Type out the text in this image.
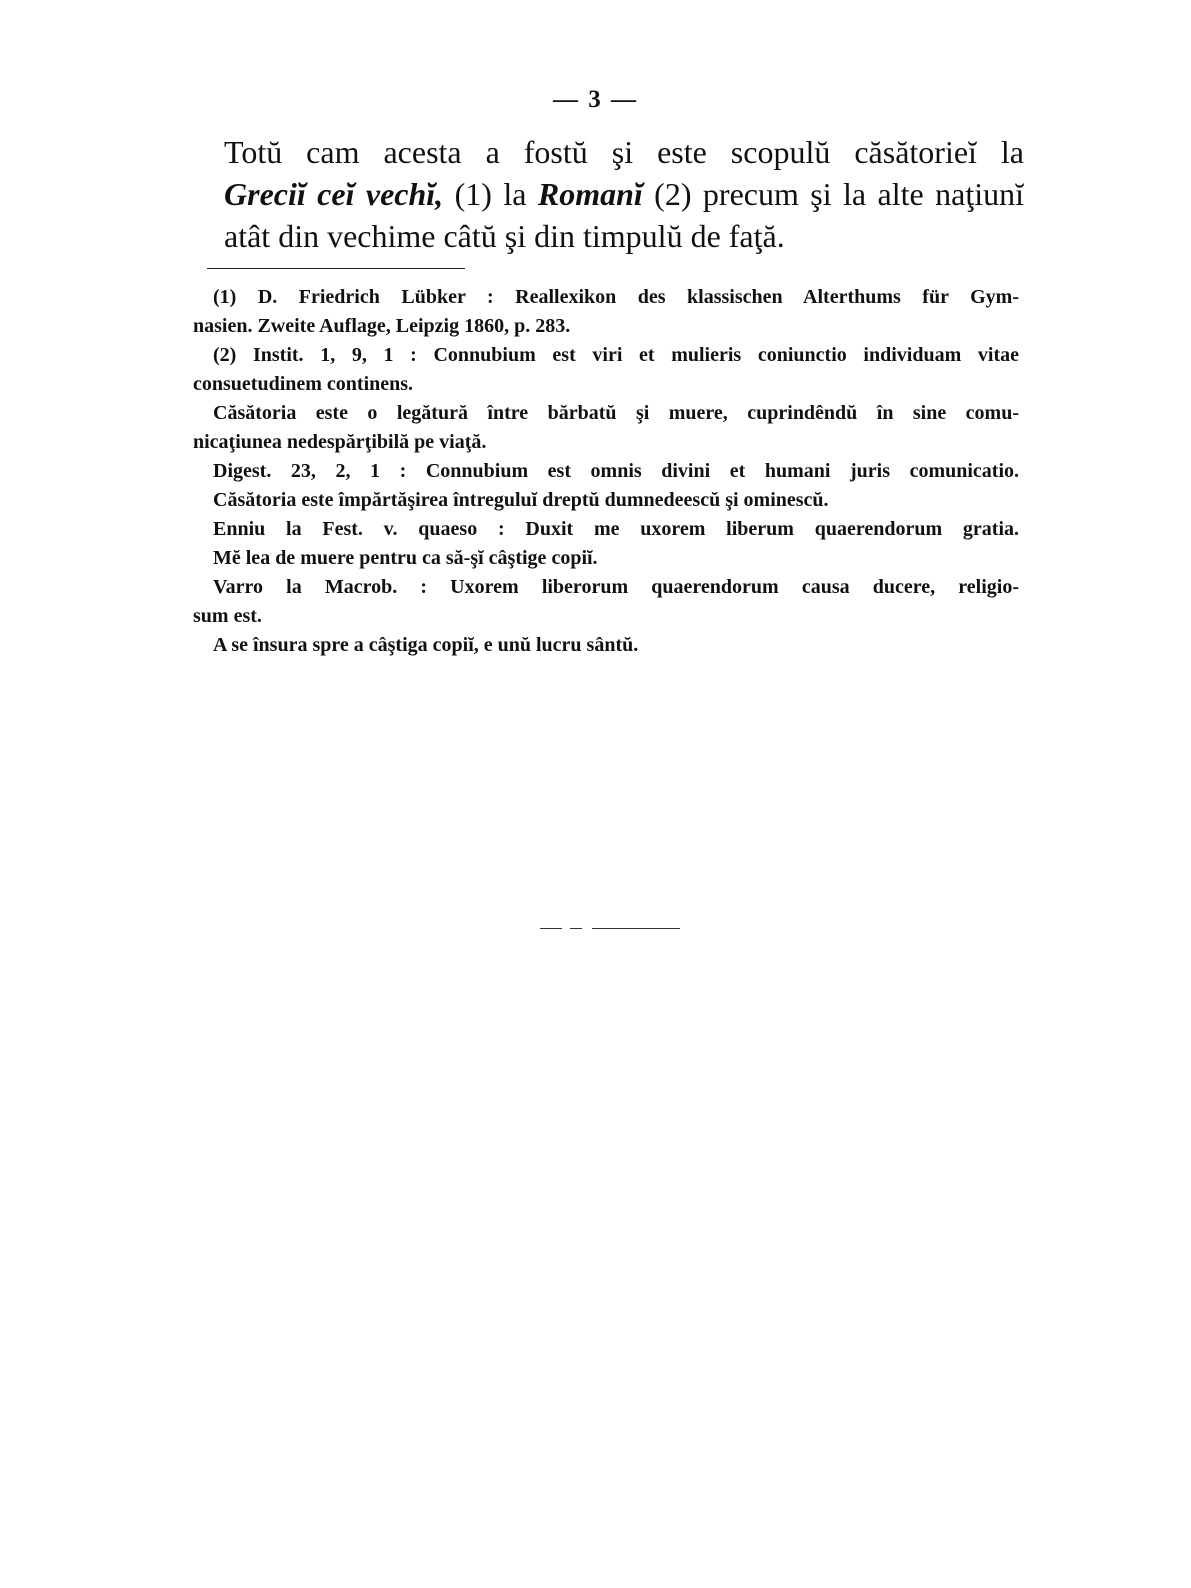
— 3 —
Totŭ cam acesta a fostŭ şi este scopulŭ căsătorieĭ la
Greciĭ ceĭ vechĭ, (1) la Romanĭ (2) precum şi la alte naţiunĭ
atât din vechime câtŭ şi din timpulŭ de faţă.
(1) D. Friedrich Lübker : Reallexikon des klassischen Alterthums für Gym-
nasien. Zweite Auflage, Leipzig 1860, p. 283.
(2) Instit. 1, 9, 1 : Connubium est viri et mulieris coniunctio individuam vitae
consuetudinem continens.
Căsătoria este o legătură între bărbatŭ şi muere, cuprindêndŭ în sine comu-
nicaţiunea nedespărţibilă pe viaţă.
Digest. 23, 2, 1 : Connubium est omnis divini et humani juris comunicatio.
Căsătoria este împărtăşirea întreguluĭ dreptŭ dumnedeescŭ şi ominescŭ.
Enniu la Fest. v. quaeso : Duxit me uxorem liberum quaerendorum gratia.
Mĕ lea de muere pentru ca să-şĭ câştige copiĭ.
Varro la Macrob. : Uxorem liberorum quaerendorum causa ducere, religio-
sum est.
A se însura spre a câştiga copiĭ, e unŭ lucru sântŭ.
